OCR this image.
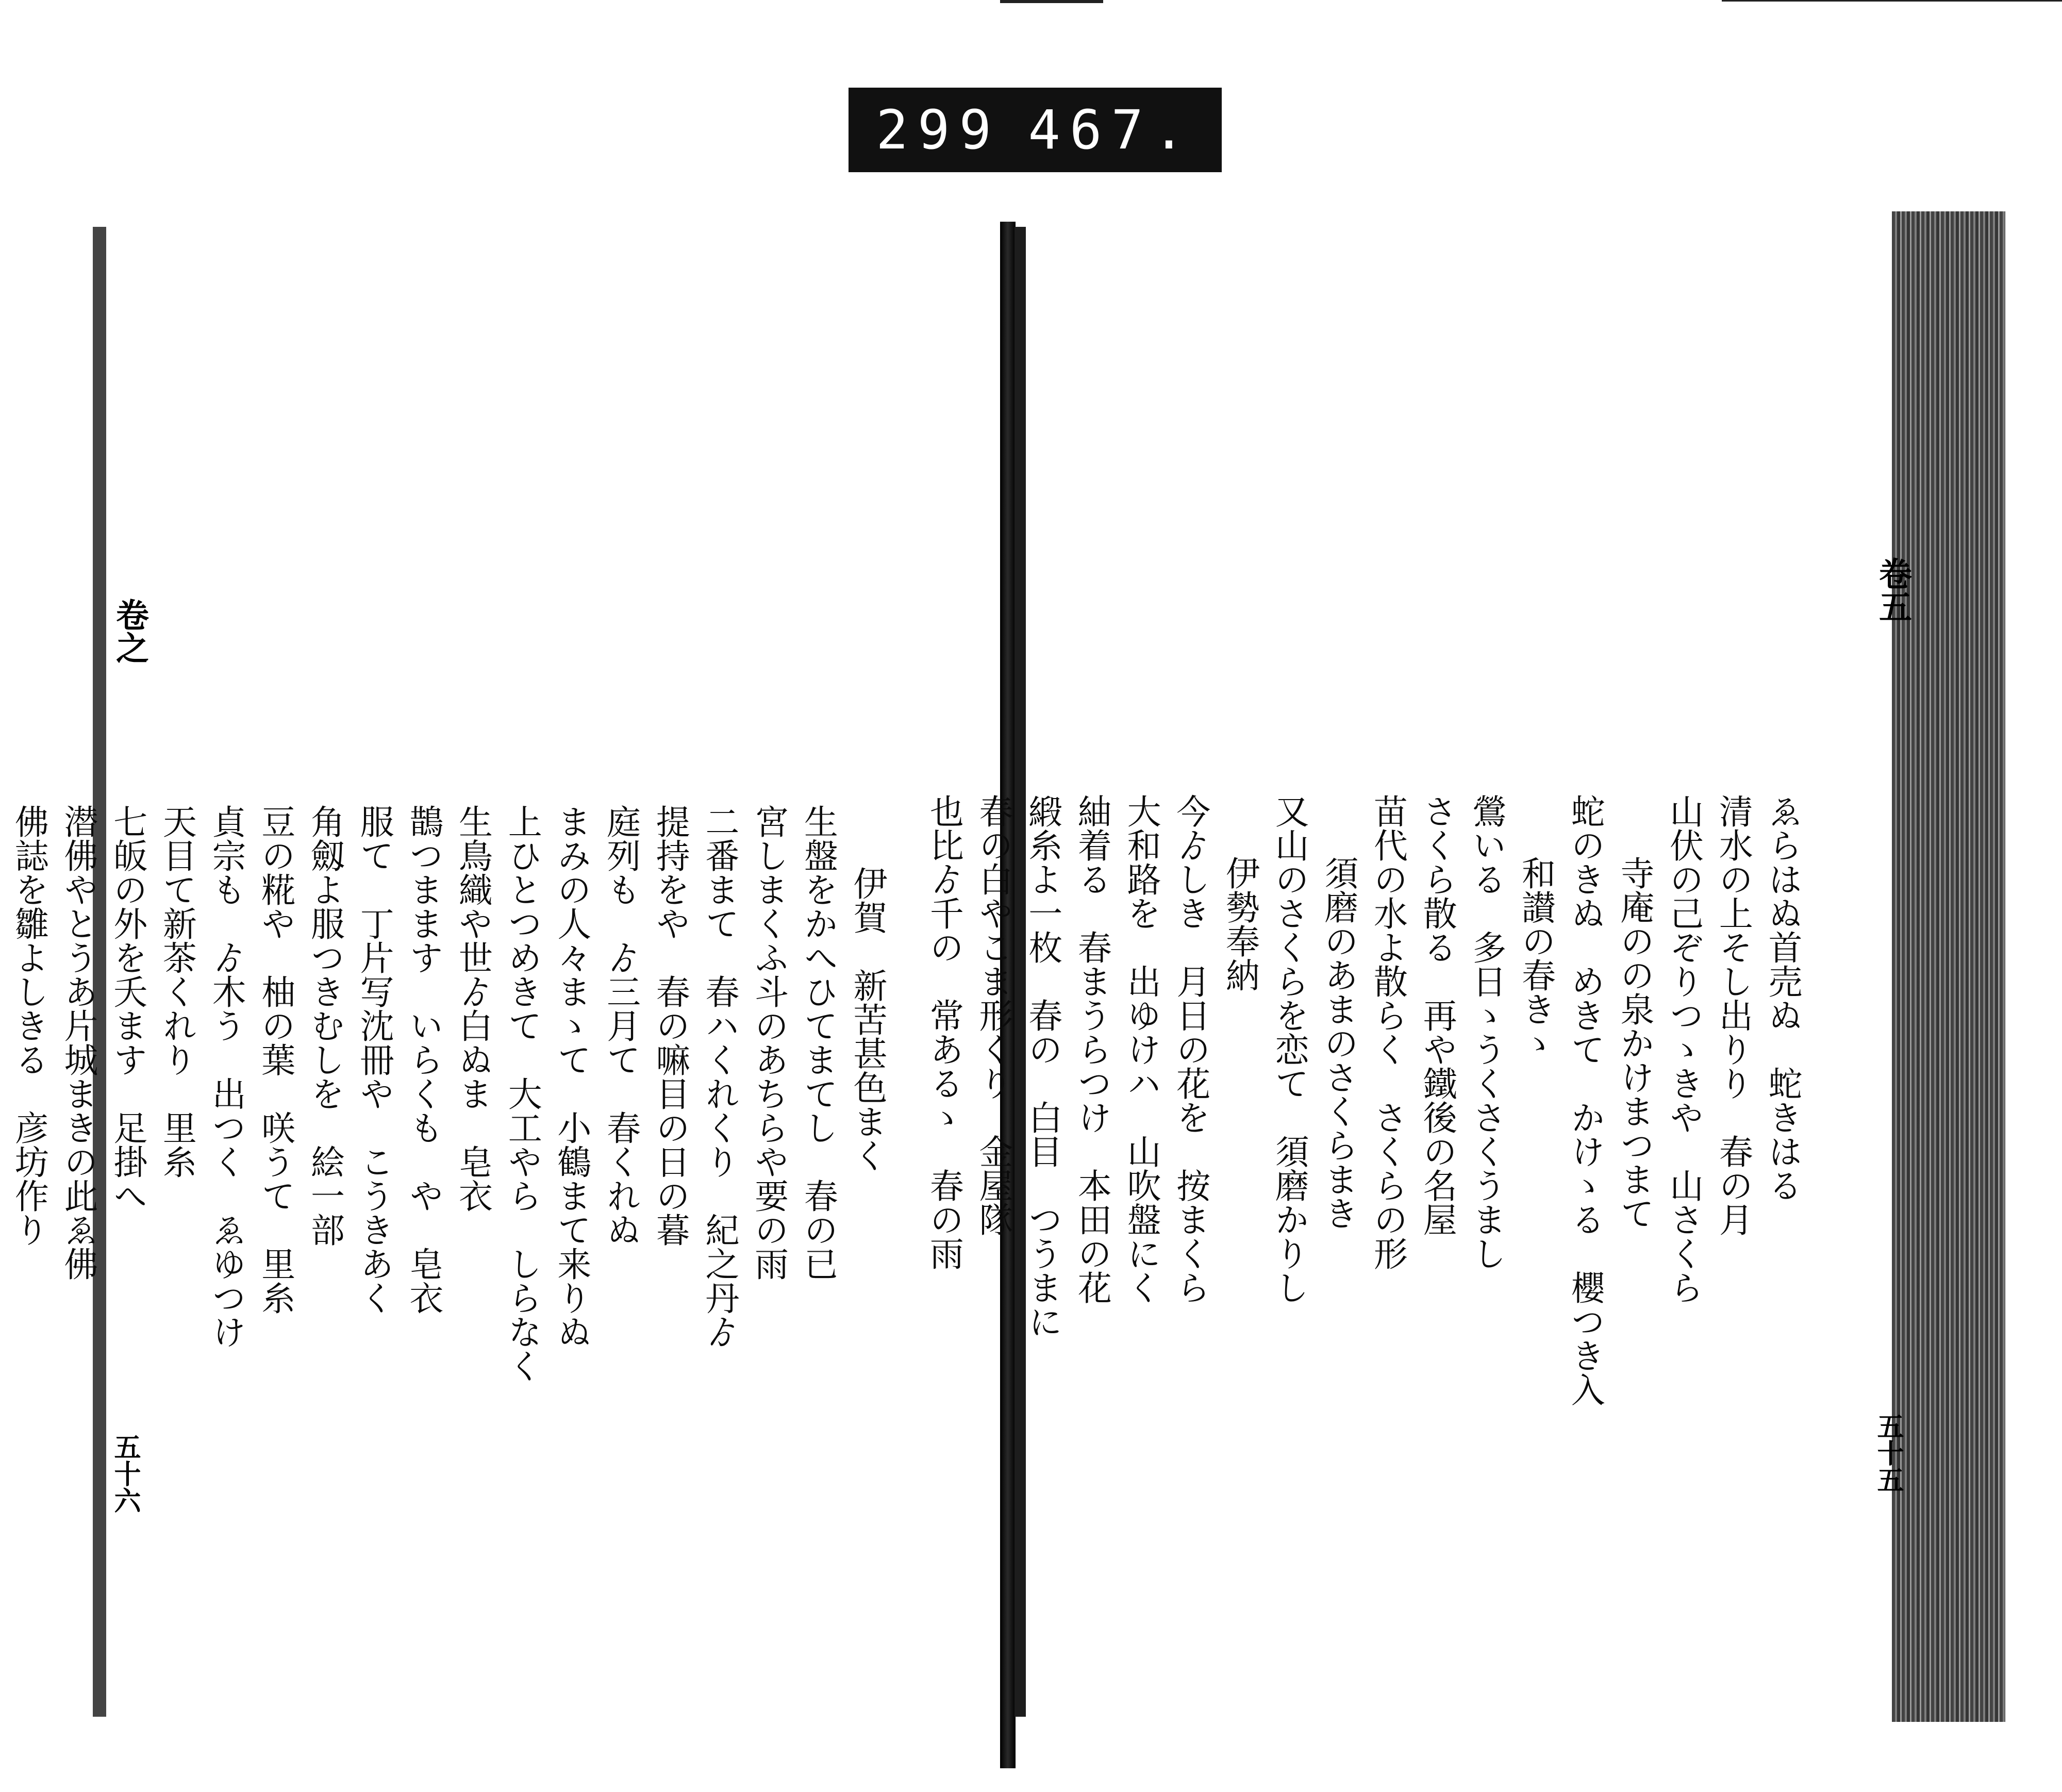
299 467.
卷之
五十六
卷五
五十五
伊賀　新苦甚色まく
生盤をかへひてまてし　春の已
宮しまくふ斗のあちらや要の雨
二番まて　春ハくれくり　紀之丹ゟ
提持をや　春の嘛目の日の暮
庭列も　ゟ三月て　春くれぬ
まみの人々まゝて　小鶴まて来りぬ
上ひとつめきて　大工やら　しらなく
生鳥織や世ゟ白ぬま　皂衣
鵲つまます　いらくも　や　皂衣
服て　丁片写沈冊や　こうきあく
角劔よ服つきむしを　絵一部
豆の糀や　柚の葉　咲うて　里糸
貞宗も　ゟ木う　出つく　ゑゆつけ
天目て新茶くれり　里糸
七皈の外を夭ます　足掛へ
潜佛やとうあ片城まきの此ゑ佛
佛誌を雛よしきる　彦坊作り	ゑらはぬ首売ぬ　蛇きはる
清水の上そし出りり　春の月
山伏の己ぞりつゝきや　山さくら
寺庵のの泉かけまつまて
蛇のきぬ　めきて　かけゝる　櫻つき入
和讃の春きゝ
鶯いる　多日ゝうくさくうまし
さくら散る　再や鐵後の名屋
苗代の水よ散らく　さくらの形
須磨のあまのさくらまき
又山のさくらを恋て　須磨かりし
伊勢奉納
今ゟしき　月日の花を　按まくら
大和路を　出ゆけハ　山吹盤にく
紬着る　春まうらつけ　本田の花
緞糸よ一枚　春の　白目　つうまに
春の白やこま形くり　金屋隊
也比ゟ千の　常あるゝ　春の雨
